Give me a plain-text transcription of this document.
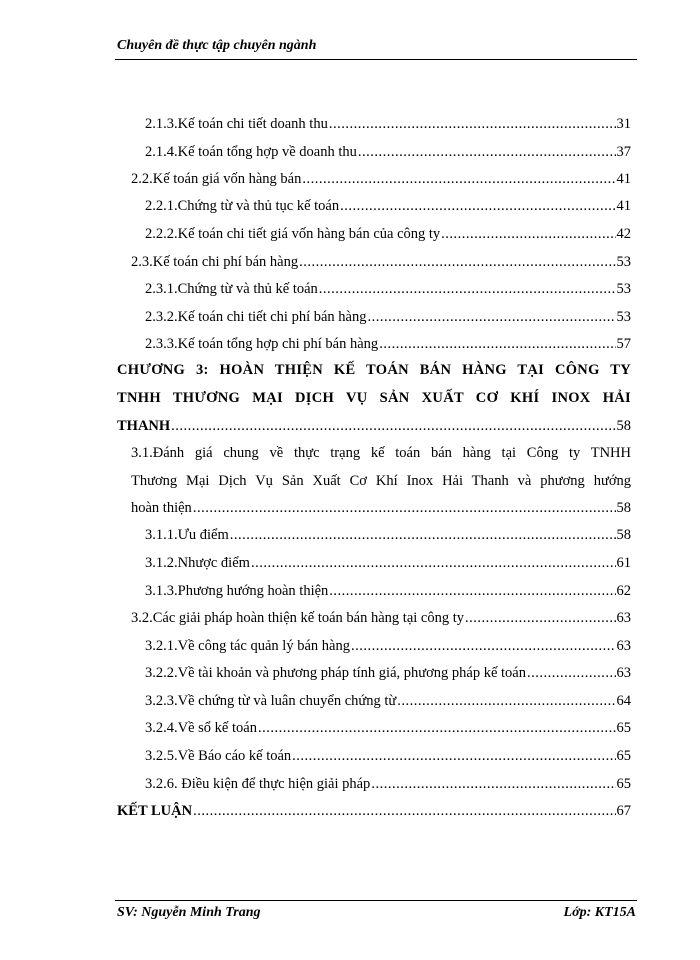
Chuyên đề thực tập chuyên ngành
2.1.3.Kế toán chi tiết doanh thu .....	31
2.1.4.Kế toán tổng hợp về doanh thu .....	37
2.2.Kế toán giá vốn hàng bán .....	41
2.2.1.Chứng từ và thủ tục kế toán .....	41
2.2.2.Kế toán chi tiết giá vốn hàng bán của công ty .....	42
2.3.Kế toán chi phí bán hàng .....	53
2.3.1.Chứng từ và thủ kế toán .....	53
2.3.2.Kế toán chi tiết chi phí bán hàng .....	53
2.3.3.Kế toán tổng hợp chi phí bán hàng .....	57
CHƯƠNG 3: HOÀN THIỆN KẾ TOÁN BÁN HÀNG TẠI CÔNG TY
TNHH THƯƠNG MẠI DỊCH VỤ SẢN XUẤT CƠ KHÍ INOX HẢI
THANH .....	58
3.1.Đánh giá chung về thực trạng kế toán bán hàng tại Công ty TNHH
Thương Mại Dịch Vụ Sản Xuất Cơ Khí Inox Hải Thanh và phương hướng
hoàn thiện .....	58
3.1.1.Ưu điểm .....	58
3.1.2.Nhược điểm .....	61
3.1.3.Phương hướng hoàn thiện .....	62
3.2.Các giải pháp hoàn thiện kế toán bán hàng tại công ty .....	63
3.2.1.Về công tác quản lý bán hàng .....	63
3.2.2.Về tài khoản và phương pháp tính giá, phương pháp kế toán .....	63
3.2.3.Về chứng từ và luân chuyển chứng từ .....	64
3.2.4.Về sổ kế toán .....	65
3.2.5.Về Báo cáo kế toán .....	65
3.2.6. Điều kiện để thực hiện giải pháp .....	65
KẾT LUẬN .....	67
SV: Nguyễn Minh Trang	Lớp: KT15A
